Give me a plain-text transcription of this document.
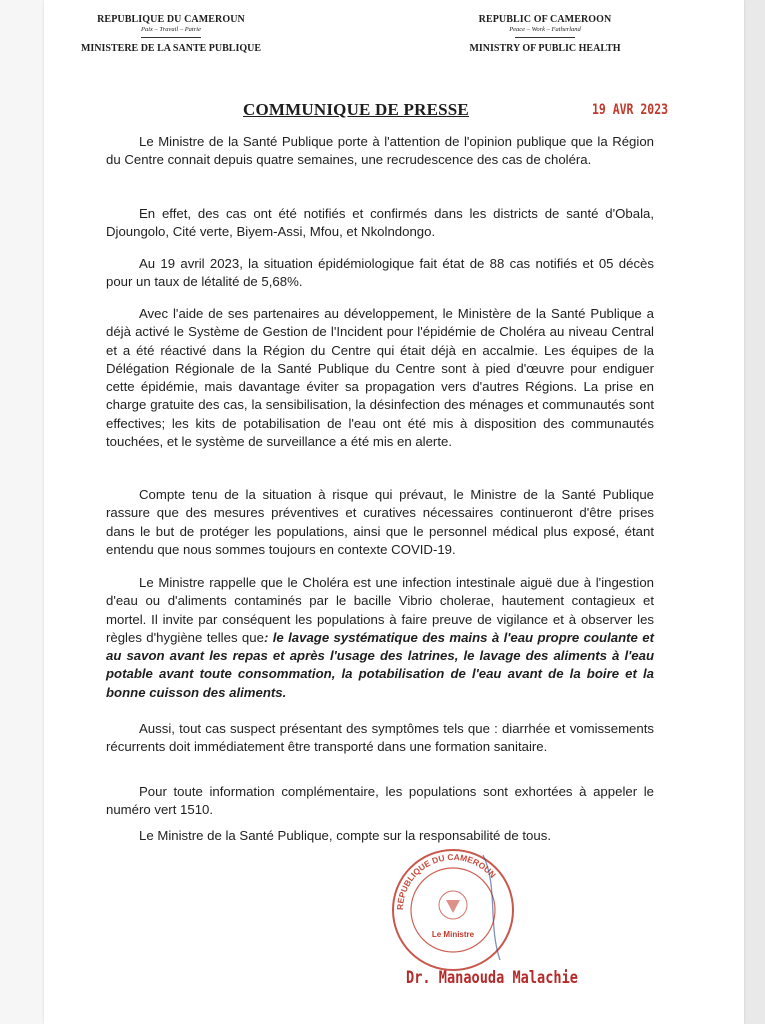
REPUBLIQUE DU CAMEROUN
Paix – Travail – Patrie
MINISTERE DE LA SANTE PUBLIQUE
REPUBLIC OF CAMEROON
Peace – Work – Fatherland
MINISTRY OF PUBLIC HEALTH
COMMUNIQUE DE PRESSE	19 AVR 2023
Le Ministre de la Santé Publique porte à l'attention de l'opinion publique que la Région du Centre connait depuis quatre semaines, une recrudescence des cas de choléra.
En effet, des cas ont été notifiés et confirmés dans les districts de santé d'Obala, Djoungolo, Cité verte, Biyem-Assi, Mfou, et Nkolndongo.
Au 19 avril 2023, la situation épidémiologique fait état de 88 cas notifiés et 05 décès pour un taux de létalité de 5,68%.
Avec l'aide de ses partenaires au développement, le Ministère de la Santé Publique a déjà activé le Système de Gestion de l'Incident pour l'épidémie de Choléra au niveau Central et a été réactivé dans la Région du Centre qui était déjà en accalmie. Les équipes de la Délégation Régionale de la Santé Publique du Centre sont à pied d'œuvre pour endiguer cette épidémie, mais davantage éviter sa propagation vers d'autres Régions. La prise en charge gratuite des cas, la sensibilisation, la désinfection des ménages et communautés sont effectives; les kits de potabilisation de l'eau ont été mis à disposition des communautés touchées, et le système de surveillance a été mis en alerte.
Compte tenu de la situation à risque qui prévaut, le Ministre de la Santé Publique rassure que des mesures préventives et curatives nécessaires continueront d'être prises dans le but de protéger les populations, ainsi que le personnel médical plus exposé, étant entendu que nous sommes toujours en contexte COVID-19.
Le Ministre rappelle que le Choléra est une infection intestinale aiguë due à l'ingestion d'eau ou d'aliments contaminés par le bacille Vibrio cholerae, hautement contagieux et mortel. Il invite par conséquent les populations à faire preuve de vigilance et à observer les règles d'hygiène telles que: le lavage systématique des mains à l'eau propre coulante et au savon avant les repas et après l'usage des latrines, le lavage des aliments à l'eau potable avant toute consommation, la potabilisation de l'eau avant de la boire et la bonne cuisson des aliments.
Aussi, tout cas suspect présentant des symptômes tels que : diarrhée et vomissements récurrents doit immédiatement être transporté dans une formation sanitaire.
Pour toute information complémentaire, les populations sont exhortées à appeler le numéro vert 1510.
Le Ministre de la Santé Publique, compte sur la responsabilité de tous.
REPUBLIQUE DU CAMEROUN
Le Ministre
Dr. Manaouda Malachie
